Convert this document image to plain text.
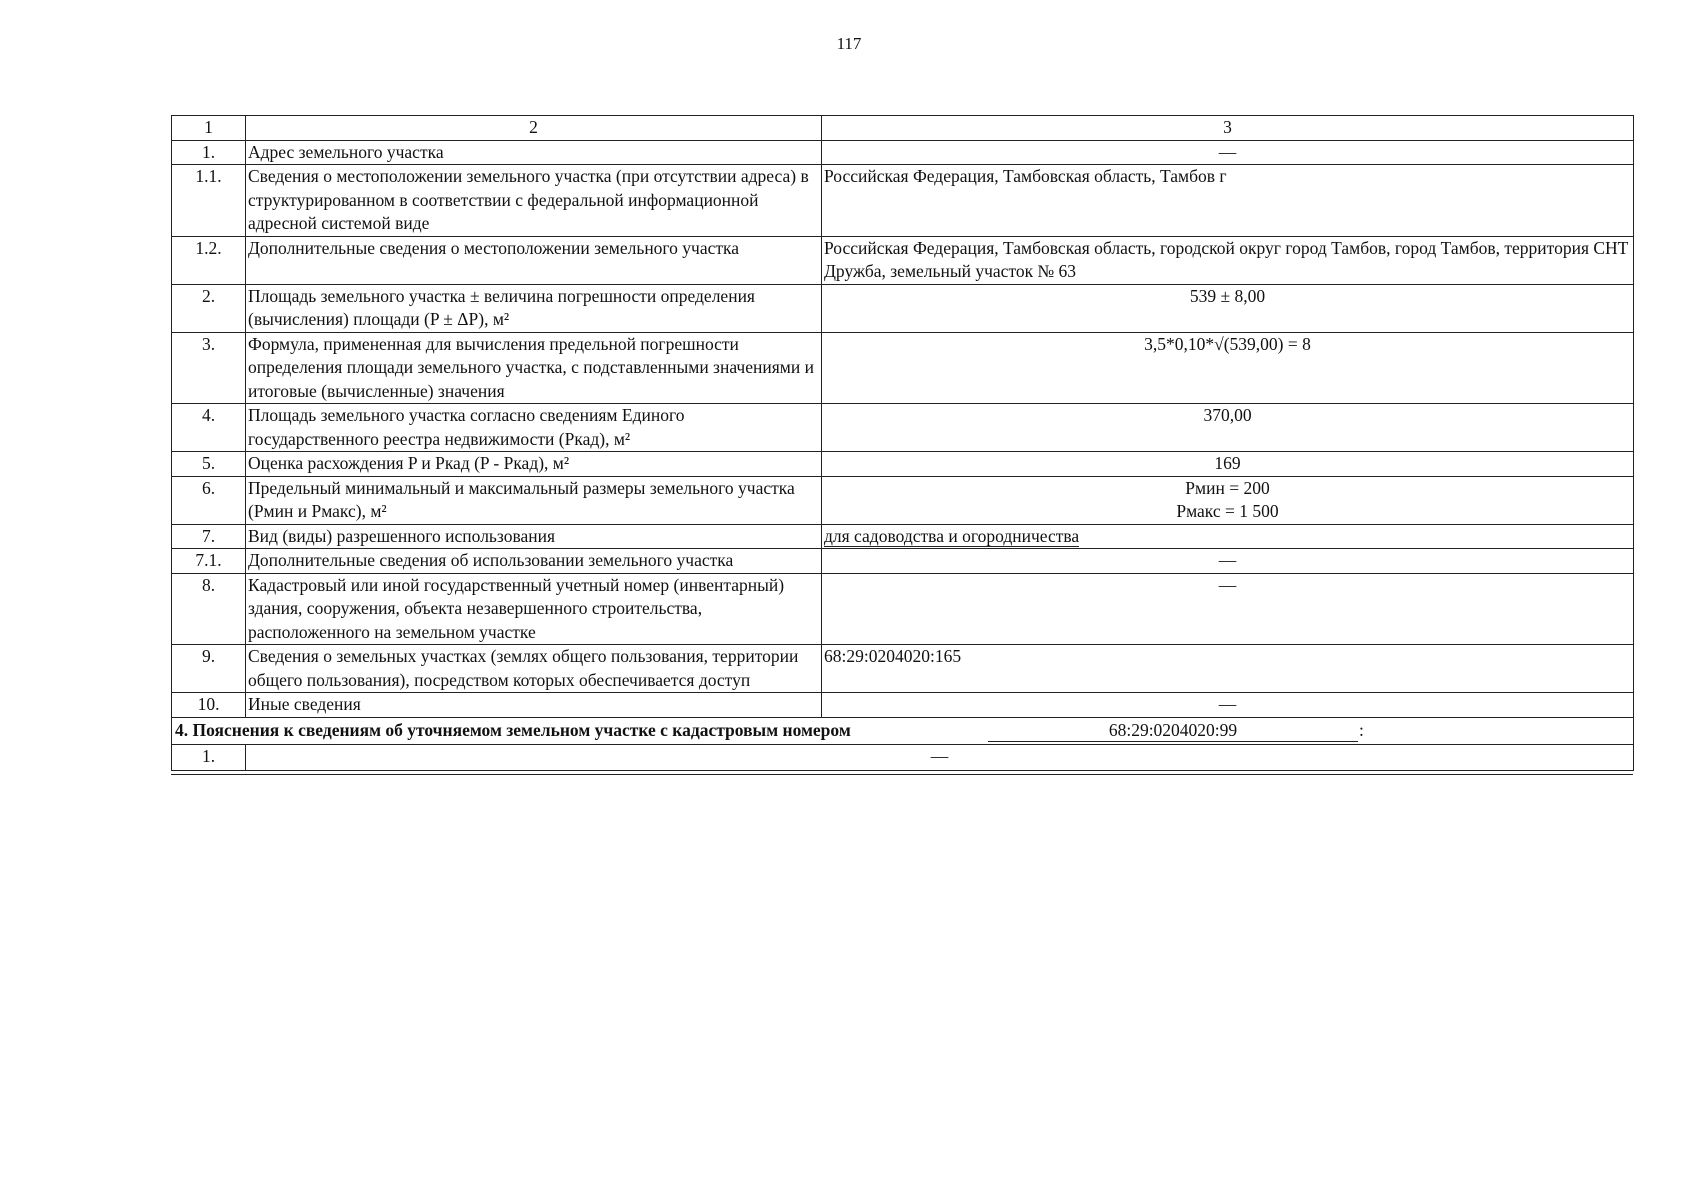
117
1	2	3
1.	Адрес земельного участка	—
1.1.	Сведения о местоположении земельного участка (при отсутствии адреса) в структурированном в соответствии с федеральной информационной адресной системой виде	Российская Федерация, Тамбовская область, Тамбов г
1.2.	Дополнительные сведения о местоположении земельного участка	Российская Федерация, Тамбовская область, городской округ город Тамбов, город Тамбов, территория СНТ Дружба, земельный участок № 63
2.	Площадь земельного участка ± величина погрешности определения (вычисления) площади (P ± ΔP), м²	539 ± 8,00
3.	Формула, примененная для вычисления предельной погрешности определения площади земельного участка, с подставленными значениями и итоговые (вычисленные) значения	3,5*0,10*√(539,00) = 8
4.	Площадь земельного участка согласно сведениям Единого государственного реестра недвижимости (Pкад), м²	370,00
5.	Оценка расхождения P и Pкад (P - Pкад), м²	169
6.	Предельный минимальный и максимальный размеры земельного участка (Pмин и Pмакс), м²	Pмин = 200
Pмакс = 1 500

7.	Вид (виды) разрешенного использования	для садоводства и огородничества
7.1.	Дополнительные сведения об использовании земельного участка	—
8.	Кадастровый или иной государственный учетный номер (инвентарный) здания, сооружения, объекта незавершенного строительства, расположенного на земельном участке	—
9.	Сведения о земельных участках (землях общего пользования, территории общего пользования), посредством которых обеспечивается доступ	68:29:0204020:165
10.	Иные сведения	—

4. Пояснения к сведениям об уточняемом земельном участке с кадастровым номером 68:29:0204020:99 :		

1.	—	
